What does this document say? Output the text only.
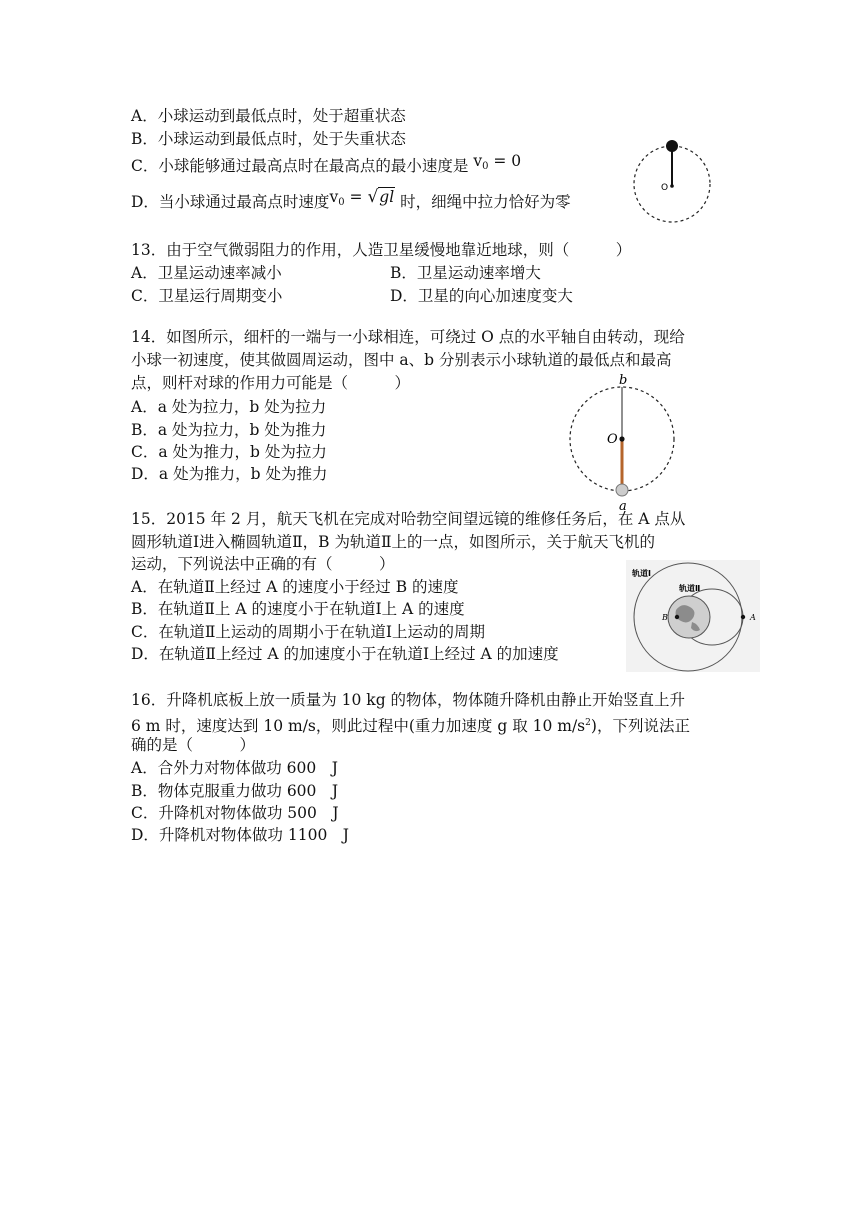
A．小球运动到最低点时，处于超重状态
B．小球运动到最低点时，处于失重状态
C．小球能够通过最高点时在最高点的最小速度是 $v_0 = 0$
D．当小球通过最高点时速度$v_0 = √gl$ 时，细绳中拉力恰好为零
O
13．由于空气微弱阻力的作用，人造卫星缓慢地靠近地球，则（　　　）
A．卫星运动速率减小	B．卫星运动速率增大
C．卫星运行周期变小	D．卫星的向心加速度变大
14．如图所示，细杆的一端与一小球相连，可绕过 O 点的水平轴自由转动，现给
小球一初速度，使其做圆周运动，图中 a、b 分别表示小球轨道的最低点和最高
点，则杆对球的作用力可能是（　　　）
A．a 处为拉力，b 处为拉力
B．a 处为拉力，b 处为推力
C．a 处为推力，b 处为拉力
D．a 处为推力，b 处为推力
b
O
a
15．2015 年 2 月，航天飞机在完成对哈勃空间望远镜的维修任务后，在 A 点从
圆形轨道Ⅰ进入椭圆轨道Ⅱ，B 为轨道Ⅱ上的一点，如图所示，关于航天飞机的
运动，下列说法中正确的有（　　　）
A．在轨道Ⅱ上经过 A 的速度小于经过 B 的速度
B．在轨道Ⅱ上 A 的速度小于在轨道Ⅰ上 A 的速度
C．在轨道Ⅱ上运动的周期小于在轨道Ⅰ上运动的周期
D．在轨道Ⅱ上经过 A 的加速度小于在轨道Ⅰ上经过 A 的加速度
轨道Ⅰ
轨道Ⅱ
B	A
16．升降机底板上放一质量为 10 kg 的物体，物体随升降机由静止开始竖直上升
6 m 时，速度达到 10 m/s，则此过程中(重力加速度 g 取 10 $m/s^2$)，下列说法正
确的是（　　　）
A．合外力对物体做功 600　J
B．物体克服重力做功 600　J
C．升降机对物体做功 500　J
D．升降机对物体做功 1100　J
